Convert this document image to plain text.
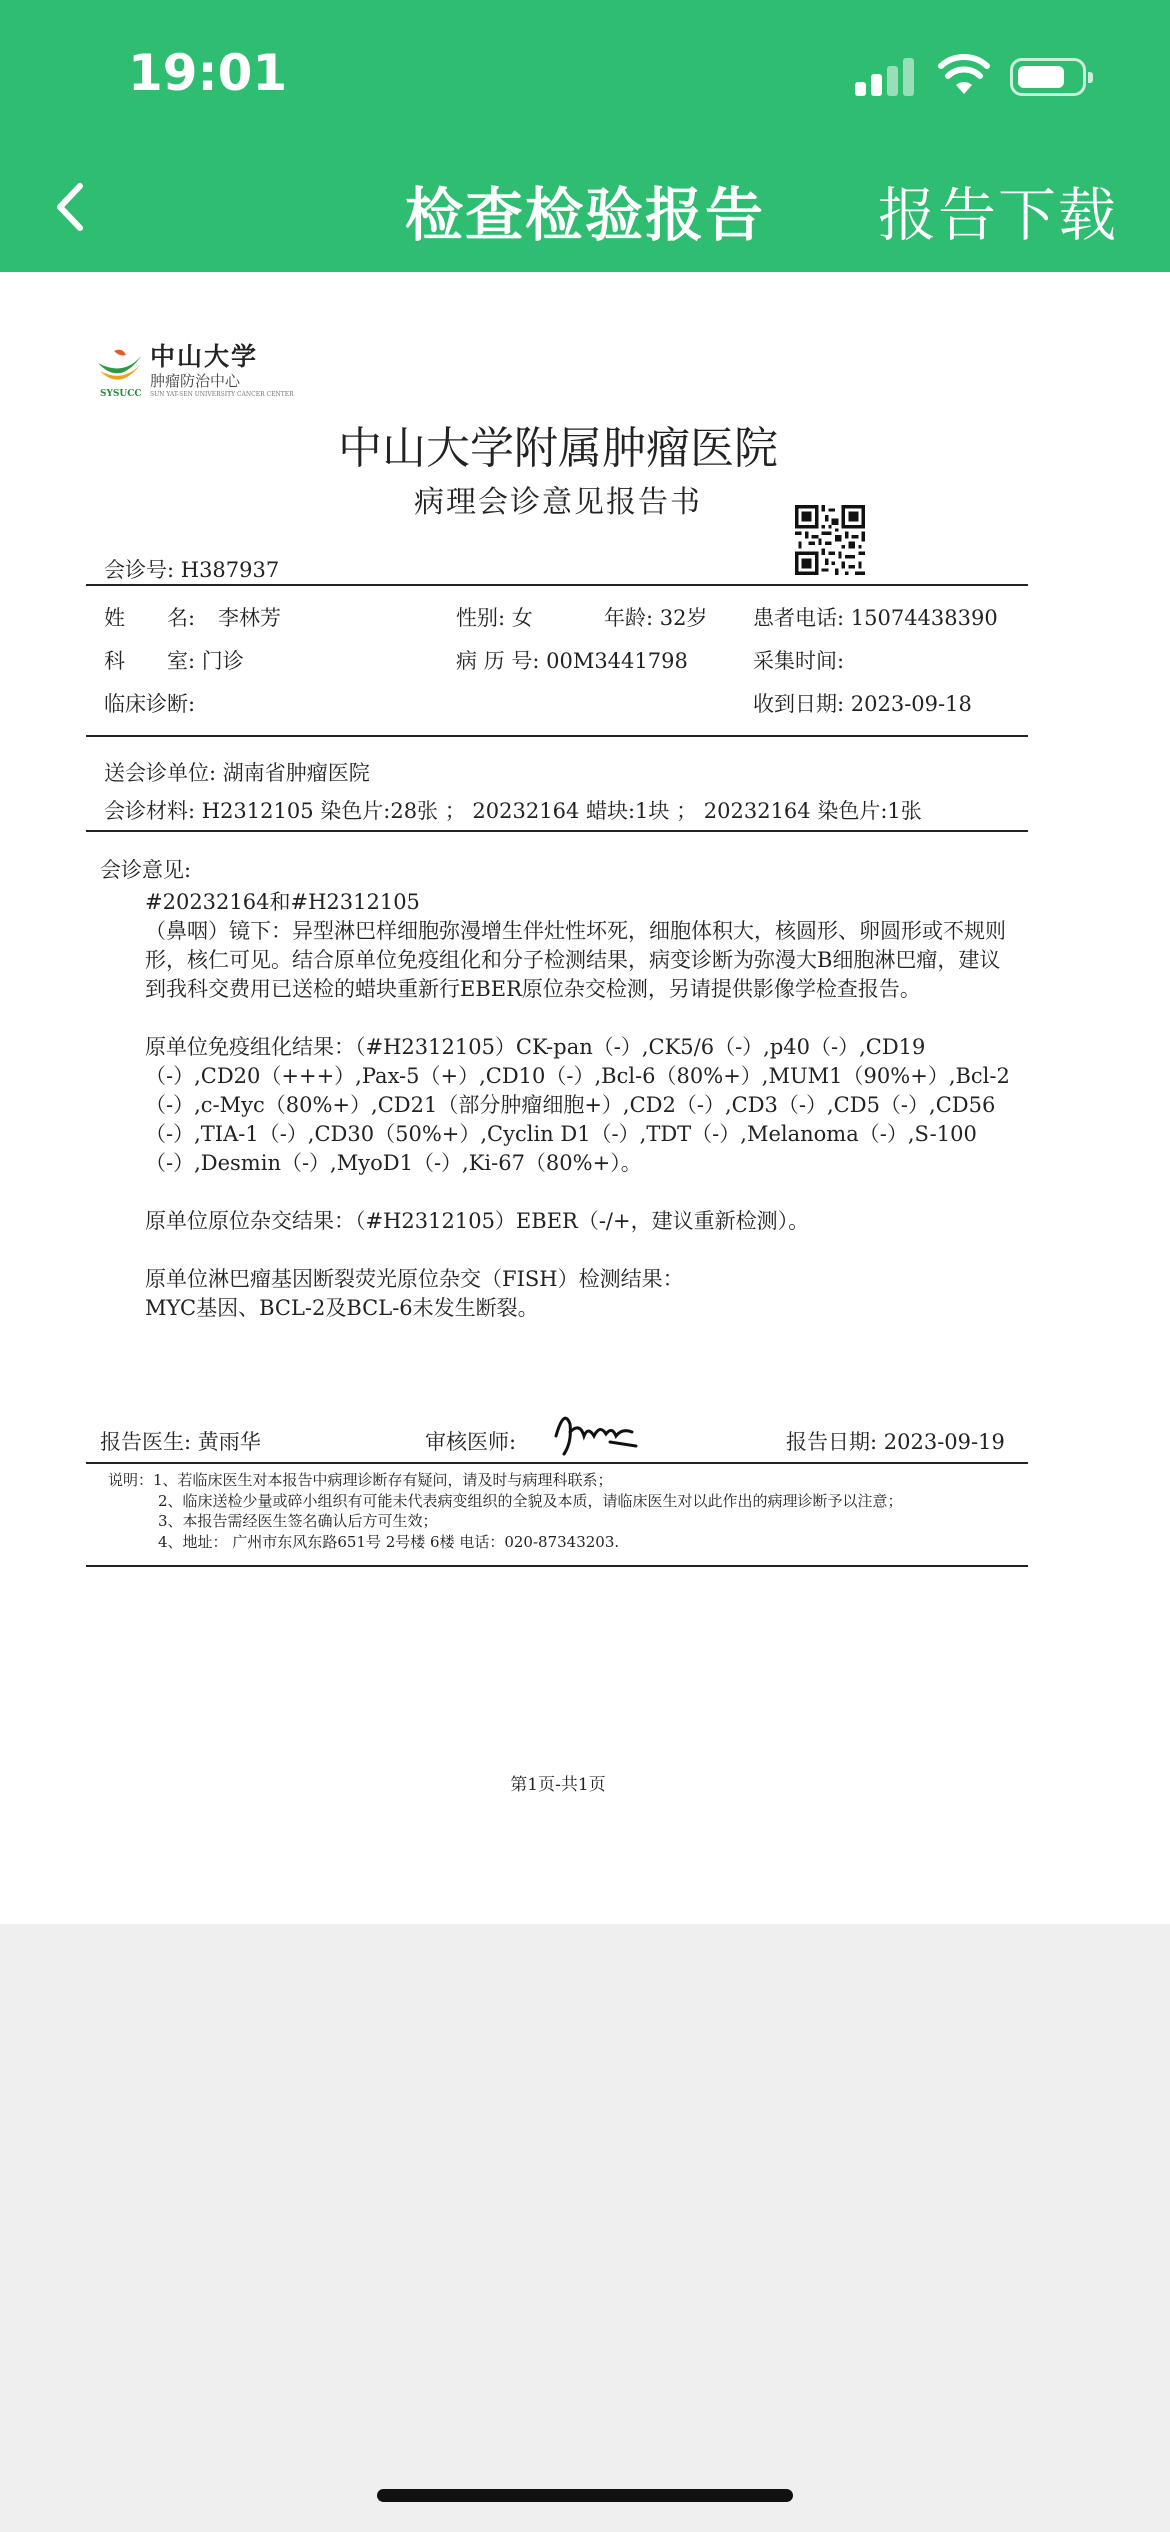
19:01
检查检验报告	报告下载
SYSUCC
中山大学
肿瘤防治中心
SUN YAT-SEN UNIVERSITY CANCER CENTER
中山大学附属肿瘤医院
病理会诊意见报告书
会诊号: H387937
姓　　名: 李林芳	性别: 女	年龄: 32岁 患者电话: 15074438390
科　　室: 门诊	病 历 号: 00M3441798	采集时间:
临床诊断:	收到日期: 2023-09-18
送会诊单位: 湖南省肿瘤医院
会诊材料: H2312105 染色片:28张 ； 20232164 蜡块:1块 ； 20232164 染色片:1张
会诊意见:

#20232164和#H2312105

（鼻咽）镜下：异型淋巴样细胞弥漫增生伴灶性坏死，细胞体积大，核圆形、卵圆形或不规则形，核仁可见。结合原单位免疫组化和分子检测结果，病变诊断为弥漫大B细胞淋巴瘤，建议到我科交费用已送检的蜡块重新行EBER原位杂交检测，另请提供影像学检查报告。

原单位免疫组化结果：（#H2312105）CK-pan（-）,CK5/6（-）,p40（-）,CD19（-）,CD20（+++）,Pax-5（+）,CD10（-）,Bcl-6（80%+）,MUM1（90%+）,Bcl-2（-）,c-Myc（80%+）,CD21（部分肿瘤细胞+）,CD2（-）,CD3（-）,CD5（-）,CD56（-）,TIA-1（-）,CD30（50%+）,Cyclin D1（-）,TDT（-）,Melanoma（-）,S-100（-）,Desmin（-）,MyoD1（-）,Ki-67（80%+）。

原单位原位杂交结果：（#H2312105）EBER（-/+，建议重新检测）。

原单位淋巴瘤基因断裂荧光原位杂交（FISH）检测结果：

MYC基因、BCL-2及BCL-6未发生断裂。

报告医生: 黄雨华	审核医师:	报告日期: 2023-09-19
说明：1、若临床医生对本报告中病理诊断存有疑问，请及时与病理科联系；
2、临床送检少量或碎小组织有可能未代表病变组织的全貌及本质，请临床医生对以此作出的病理诊断予以注意；
3、本报告需经医生签名确认后方可生效；
4、地址： 广州市东风东路651号 2号楼 6楼 电话：020-87343203.
第1页-共1页
